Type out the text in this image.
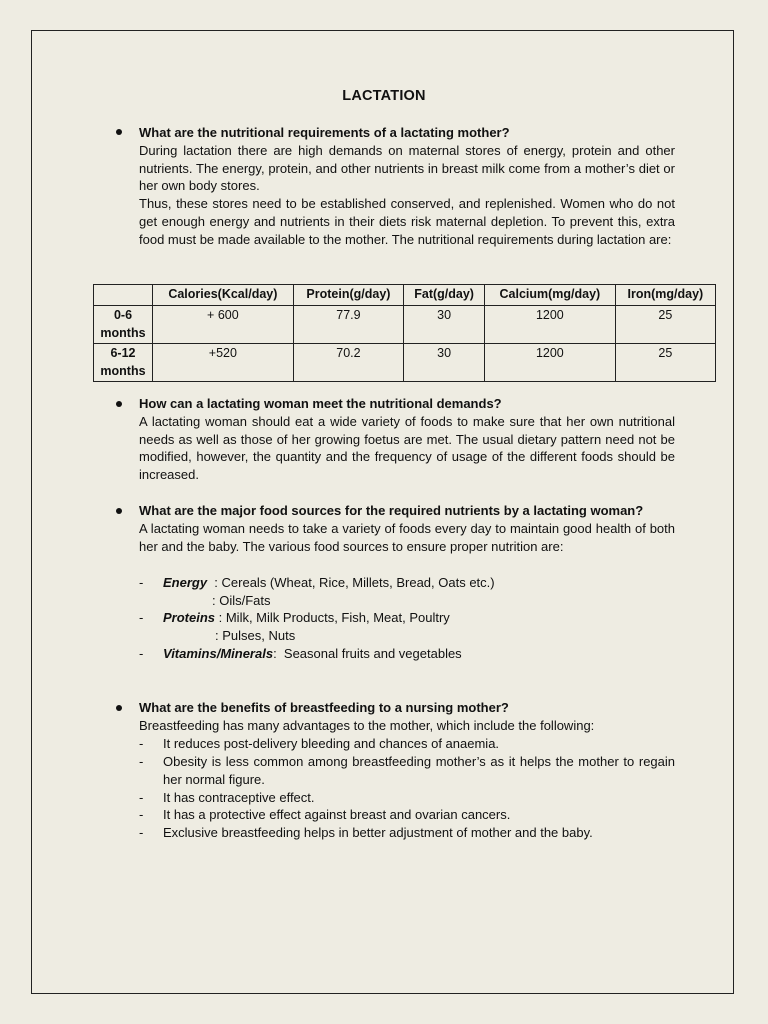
LACTATION

What are the nutritional requirements of a lactating mother?

During lactation there are high demands on maternal stores of energy, protein and other nutrients. The energy, protein, and other nutrients in breast milk come from a mother’s diet or her own body stores.

Thus, these stores need to be established conserved, and replenished. Women who do not get enough energy and nutrients in their diets risk maternal depletion. To prevent this, extra food must be made available to the mother. The nutritional requirements during lactation are:

	Calories(Kcal/day)	Protein(g/day)	Fat(g/day)	Calcium(mg/day)	Iron(mg/day)
0-6 months	+ 600	77.9	30	1200	25
6-12 months	+520	70.2	30	1200	25

How can a lactating woman meet the nutritional demands?

A lactating woman should eat a wide variety of foods to make sure that her own nutritional needs as well as those of her growing foetus are met. The usual dietary pattern need not be modified, however, the quantity and the frequency of usage of the different foods should be increased.

What are the major food sources for the required nutrients by a lactating woman?

A lactating woman needs to take a variety of foods every day to maintain good health of both her and the baby. The various food sources to ensure proper nutrition are:

- Energy  : Cereals (Wheat, Rice, Millets, Bread, Oats etc.)
: Oils/Fats
- Proteins : Milk, Milk Products, Fish, Meat, Poultry
: Pulses, Nuts
- Vitamins/Minerals:  Seasonal fruits and vegetables

What are the benefits of breastfeeding to a nursing mother?

Breastfeeding has many advantages to the mother, which include the following:

- It reduces post-delivery bleeding and chances of anaemia.

- Obesity is less common among breastfeeding mother’s as it helps the mother to regain her normal figure.

- It has contraceptive effect.

- It has a protective effect against breast and ovarian cancers.

- Exclusive breastfeeding helps in better adjustment of mother and the baby.
